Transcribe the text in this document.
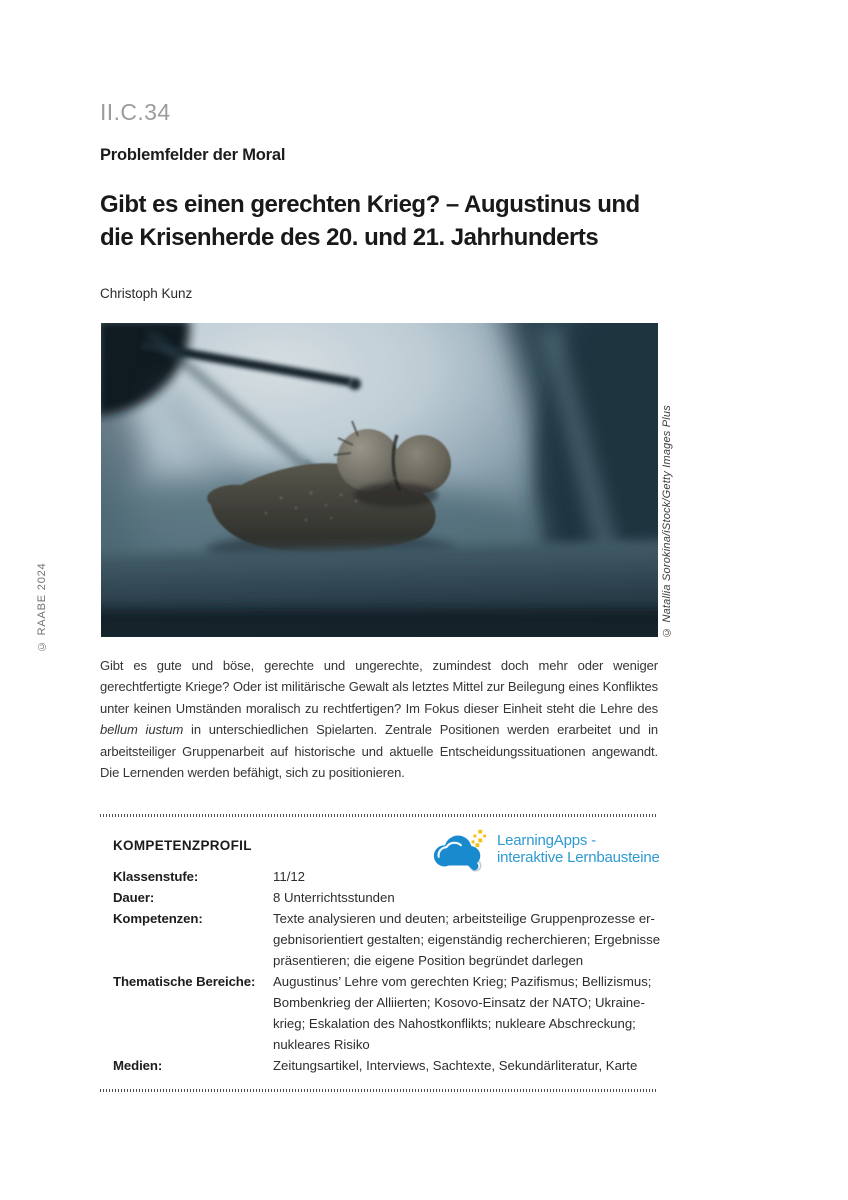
II.C.34
Problemfelder der Moral
Gibt es einen gerechten Krieg? – Augustinus und
die Krisenherde des 20. und 21. Jahrhunderts
Christoph Kunz
© Natallia Sorokina/iStock/Getty Images Plus
© RAABE 2024

Gibt es gute und böse, gerechte und ungerechte, zumindest doch mehr oder weniger gerechtfertigte Kriege? Oder ist militärische Gewalt als letztes Mittel zur Beilegung eines Konfliktes unter keinen Umständen moralisch zu rechtfertigen? Im Fokus dieser Einheit steht die Lehre des bellum iustum in unterschiedlichen Spielarten. Zentrale Positionen werden erarbeitet und in arbeitsteiliger Gruppenarbeit auf historische und aktuelle Entscheidungssituationen angewandt. Die Lernenden werden befähigt, sich zu positionieren.

KOMPETENZPROFIL	LearningApps -
interaktive Lernbausteine
Klassenstufe:	11/12
Dauer:	8 Unterrichtsstunden
Kompetenzen:	Texte analysieren und deuten; arbeitsteilige Gruppenprozesse er-
gebnisorientiert gestalten; eigenständig recherchieren; Ergebnisse
präsentieren; die eigene Position begründet darlegen
Thematische Bereiche:	Augustinus’ Lehre vom gerechten Krieg; Pazifismus; Bellizismus;
Bombenkrieg der Alliierten; Kosovo-Einsatz der NATO; Ukraine-
krieg; Eskalation des Nahostkonflikts; nukleare Abschreckung;
nukleares Risiko
Medien:	Zeitungsartikel, Interviews, Sachtexte, Sekundärliteratur, Karte
